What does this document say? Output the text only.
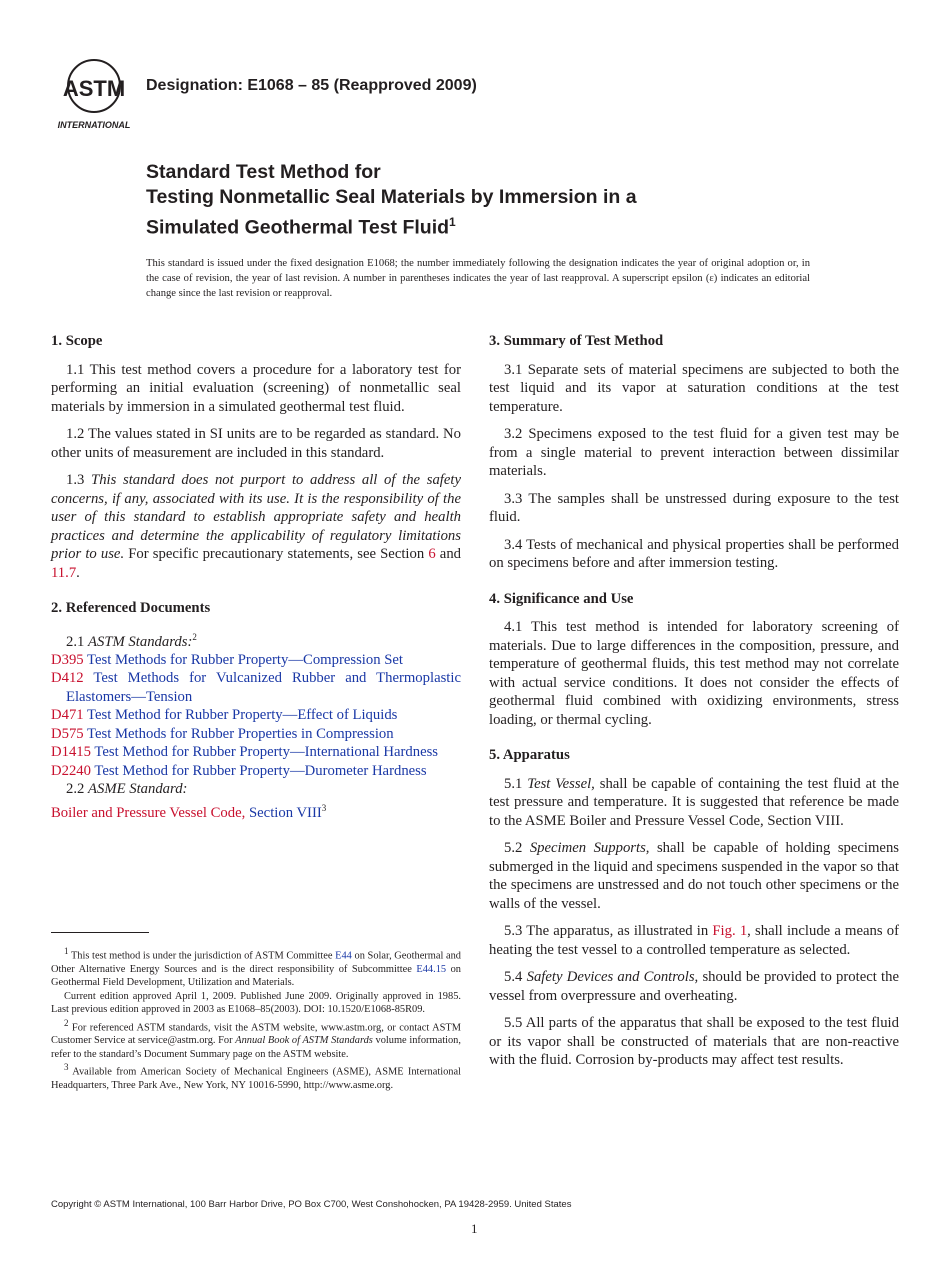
ASTM
INTERNATIONAL
Designation: E1068 – 85 (Reapproved 2009)
Standard Test Method for
Testing Nonmetallic Seal Materials by Immersion in a
Simulated Geothermal Test Fluid$^1$
This standard is issued under the fixed designation E1068; the number immediately following the designation indicates the year of original adoption or, in the case of revision, the year of last revision. A number in parentheses indicates the year of last reapproval. A superscript epsilon (ε) indicates an editorial change since the last revision or reapproval.
1. Scope

1.1 This test method covers a procedure for a laboratory test for performing an initial evaluation (screening) of nonmetallic seal materials by immersion in a simulated geothermal test fluid.

1.2 The values stated in SI units are to be regarded as standard. No other units of measurement are included in this standard.

1.3 This standard does not purport to address all of the safety concerns, if any, associated with its use. It is the responsibility of the user of this standard to establish appropriate safety and health practices and determine the applicability of regulatory limitations prior to use. For specific precautionary statements, see Section 6 and 11.7.

2. Referenced Documents

2.1 ASTM Standards:$^2$

D395 Test Methods for Rubber Property—Compression Set
D412 Test Methods for Vulcanized Rubber and Thermoplastic Elastomers—Tension
D471 Test Method for Rubber Property—Effect of Liquids
D575 Test Methods for Rubber Properties in Compression
D1415 Test Method for Rubber Property—International Hardness
D2240 Test Method for Rubber Property—Durometer Hardness

2.2 ASME Standard:

Boiler and Pressure Vessel Code, Section VIII$^3$

$^1$ This test method is under the jurisdiction of ASTM Committee E44 on Solar, Geothermal and Other Alternative Energy Sources and is the direct responsibility of Subcommittee E44.15 on Geothermal Field Development, Utilization and Materials.

Current edition approved April 1, 2009. Published June 2009. Originally approved in 1985. Last previous edition approved in 2003 as E1068–85(2003). DOI: 10.1520/E1068-85R09.

$^2$ For referenced ASTM standards, visit the ASTM website, www.astm.org, or contact ASTM Customer Service at service@astm.org. For Annual Book of ASTM Standards volume information, refer to the standard’s Document Summary page on the ASTM website.

$^3$ Available from American Society of Mechanical Engineers (ASME), ASME International Headquarters, Three Park Ave., New York, NY 10016-5990, http://www.asme.org.

3. Summary of Test Method

3.1 Separate sets of material specimens are subjected to both the test liquid and its vapor at saturation conditions at the test temperature.

3.2 Specimens exposed to the test fluid for a given test may be from a single material to prevent interaction between dissimilar materials.

3.3 The samples shall be unstressed during exposure to the test fluid.

3.4 Tests of mechanical and physical properties shall be performed on specimens before and after immersion testing.

4. Significance and Use

4.1 This test method is intended for laboratory screening of materials. Due to large differences in the composition, pressure, and temperature of geothermal fluids, this test method may not correlate with actual service conditions. It does not consider the effects of geothermal fluid combined with oxidizing environments, stress loading, or thermal cycling.

5. Apparatus

5.1 Test Vessel, shall be capable of containing the test fluid at the test pressure and temperature. It is suggested that reference be made to the ASME Boiler and Pressure Vessel Code, Section VIII.

5.2 Specimen Supports, shall be capable of holding specimens submerged in the liquid and specimens suspended in the vapor so that the specimens are unstressed and do not touch other specimens or the walls of the vessel.

5.3 The apparatus, as illustrated in Fig. 1, shall include a means of heating the test vessel to a controlled temperature as selected.

5.4 Safety Devices and Controls, should be provided to protect the vessel from overpressure and overheating.

5.5 All parts of the apparatus that shall be exposed to the test fluid or its vapor shall be constructed of materials that are non-reactive with the fluid. Corrosion by-products may affect test results.

Copyright © ASTM International, 100 Barr Harbor Drive, PO Box C700, West Conshohocken, PA 19428-2959. United States
1
